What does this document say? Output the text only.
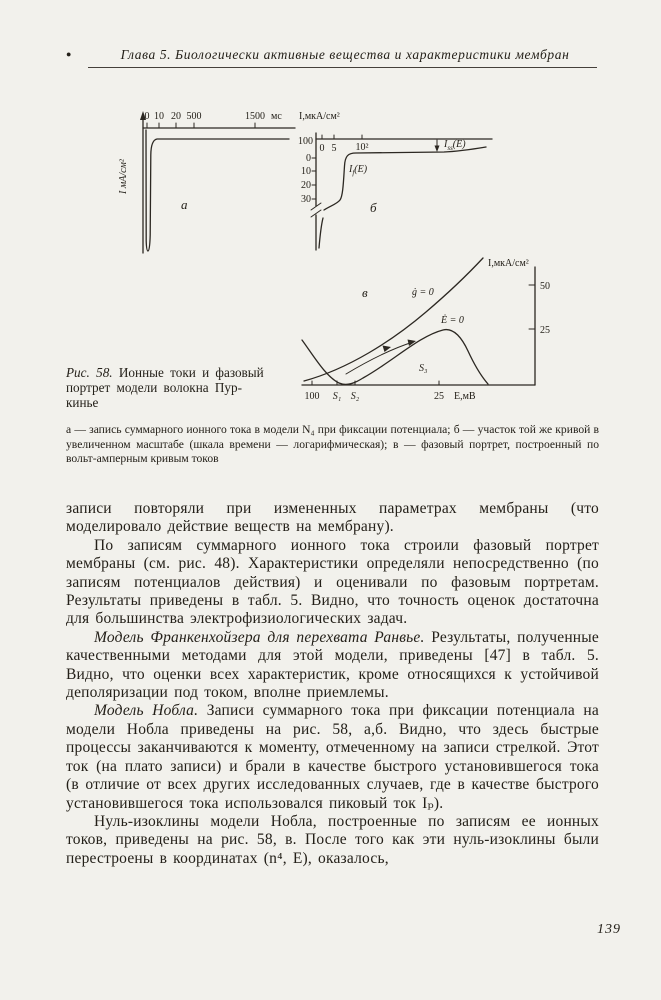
●	Глава 5. Биологически активные вещества и характеристики мембран
0 10 20 500	1500 мс
I мА/см²
а
I,мкА/см²
0 5 10²
100
0
10
20
30
$I_{ss}(E)$
$I_f(E)$
б
I,мкА/см²
50
25
100 S₁ S₂	25 E,мВ
ġ = 0
Ė = 0
S₃
в
Рис. 58. Ионные токи и фазовый
портрет модели волокна Пур-
кинье
а — запись суммарного ионного тока в модели N₄ при фиксации потенциала; б — участок той же кривой в увеличенном масштабе (шкала времени — логарифмическая); в — фазовый портрет, построенный по вольт-амперным кривым токов

записи повторяли при измененных параметрах мембраны (что моделировало действие веществ на мембрану).

По записям суммарного ионного тока строили фазовый портрет мембраны (см. рис. 48). Характеристики определяли непосредственно (по записям потенциалов действия) и оценивали по фазовым портретам. Результаты приведены в табл. 5. Видно, что точность оценок достаточна для большинства электрофизиологических задач.

Модель Франкенхойзера для перехвата Ранвье. Результаты, полученные качественными методами для этой модели, приведены [47] в табл. 5. Видно, что оценки всех характеристик, кроме относящихся к устойчивой деполяризации под током, вполне приемлемы.

Модель Нобла. Записи суммарного тока при фиксации потенциала на модели Нобла приведены на рис. 58, а,б. Видно, что здесь быстрые процессы заканчиваются к моменту, отмеченному на записи стрелкой. Этот ток (на плато записи) и брали в качестве быстрого установившегося тока (в отличие от всех других исследованных случаев, где в качестве быстрого установившегося тока использовался пиковый ток Iₚ).

Нуль-изоклины модели Нобла, построенные по записям ее ионных токов, приведены на рис. 58, в. После того как эти нуль-изоклины были перестроены в координатах (n⁴, E), оказалось,

139
